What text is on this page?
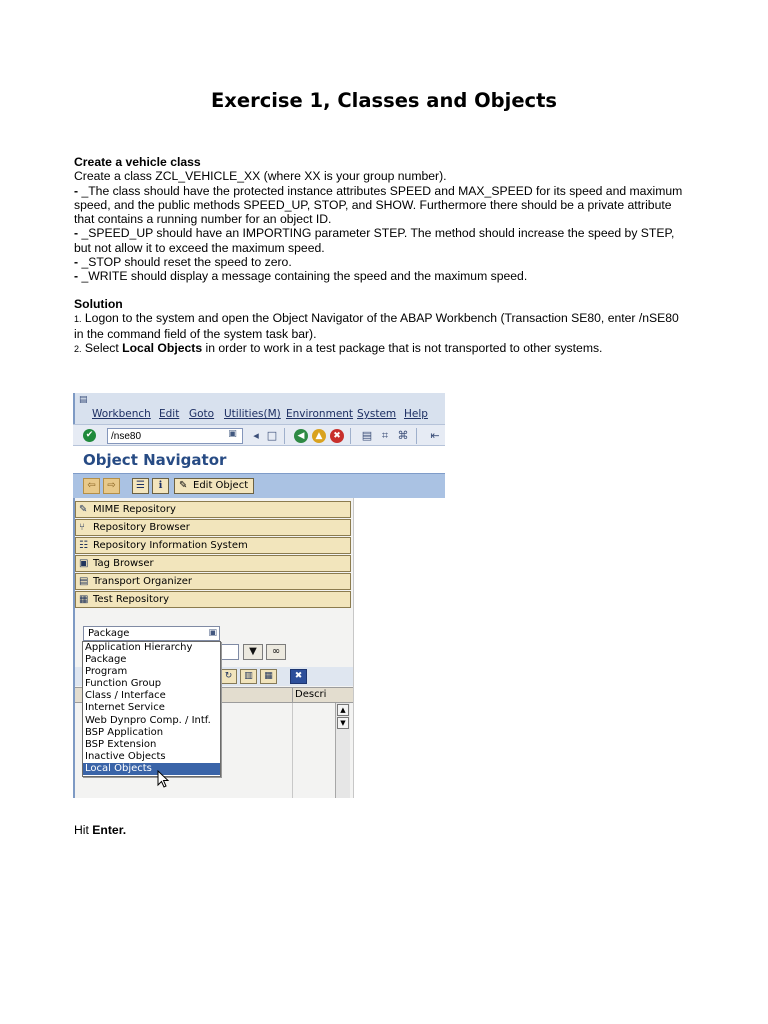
Exercise 1, Classes and Objects
Create a vehicle class
Create a class ZCL_VEHICLE_XX (where XX is your group number).
- _The class should have the protected instance attributes SPEED and MAX_SPEED for its speed and maximum speed, and the public methods SPEED_UP, STOP, and SHOW. Furthermore there should be a private attribute that contains a running number for an object ID.
- _SPEED_UP should have an IMPORTING parameter STEP. The method should increase the speed by STEP, but not allow it to exceed the maximum speed.
- _STOP should reset the speed to zero.
- _WRITE should display a message containing the speed and the maximum speed.
Solution
1. Logon to the system and open the Object Navigator of the ABAP Workbench (Transaction SE80, enter /nSE80 in the command field of the system task bar).
2. Select Local Objects in order to work in a test package that is not transported to other systems.
▤
Workbench Edit Goto Utilities(M) Environment System Help
✔
/nse80	▣	◂ □	◀	▲	✖ ▤ ⌗ ⌘ ⇤
Object Navigator
⇦	⇨	☰	ℹ	✎ Edit Object
✎ MIME Repository
⑂ Repository Browser
☷ Repository Information System
▣ Tag Browser
▤ Transport Organizer
▦ Test Repository
Package	▣
▼	∞
↻	▥	▦	✖
Descri
▲
▼
Application Hierarchy
Package
Program
Function Group
Class / Interface
Internet Service
Web Dynpro Comp. / Intf.
BSP Application
BSP Extension
Inactive Objects
Local Objects
Hit Enter.
